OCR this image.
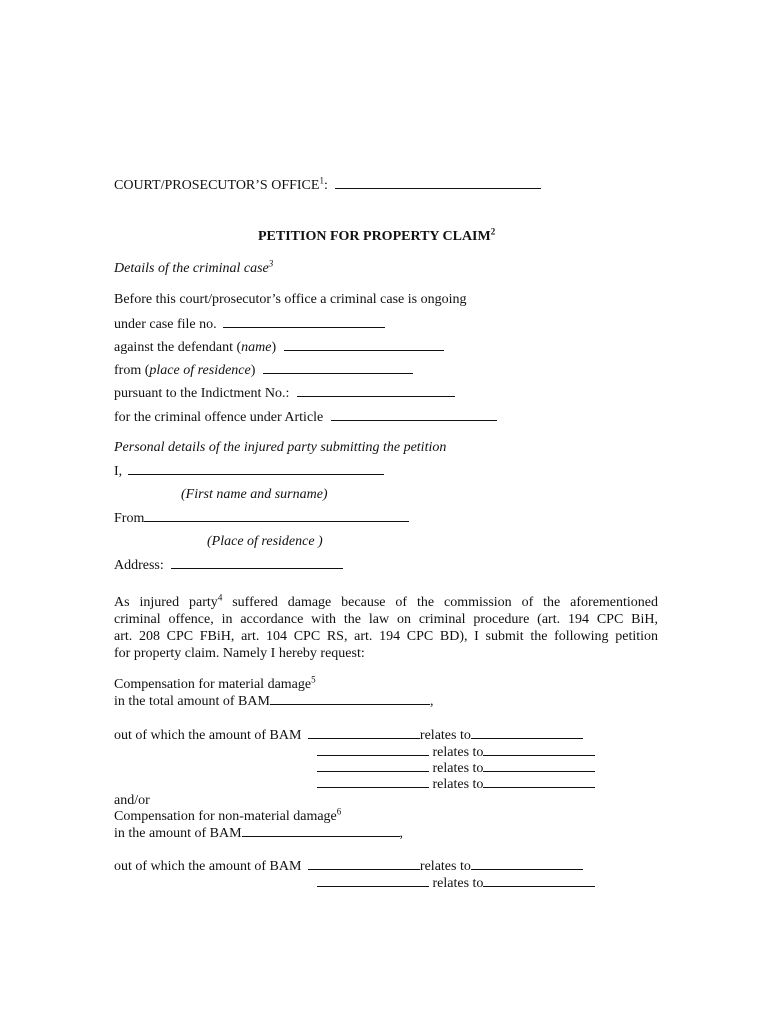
COURT/PROSECUTOR’S OFFICE$^1$:
PETITION FOR PROPERTY CLAIM$^2$
Details of the criminal case$^3$
Before this court/prosecutor’s office a criminal case is ongoing
under case file no.
against the defendant (name)
from (place of residence)
pursuant to the Indictment No.:
for the criminal offence under Article
Personal details of the injured party submitting the petition
I,
(First name and surname)
From
(Place of residence )
Address:
As injured party$^4$ suffered damage because of the commission of the aforementioned
criminal offence, in accordance with the law on criminal procedure (art. 194 CPC BiH,
art. 208 CPC FBiH, art. 104 CPC RS, art. 194 CPC BD), I submit the following petition
for property claim. Namely I hereby request:
Compensation for material damage$^5$
in the total amount of BAM	,
out of which the amount of BAM	relates to
relates to
relates to
relates to
and/or
Compensation for non-material damage$^6$
in the amount of BAM	,
out of which the amount of BAM	relates to
relates to
